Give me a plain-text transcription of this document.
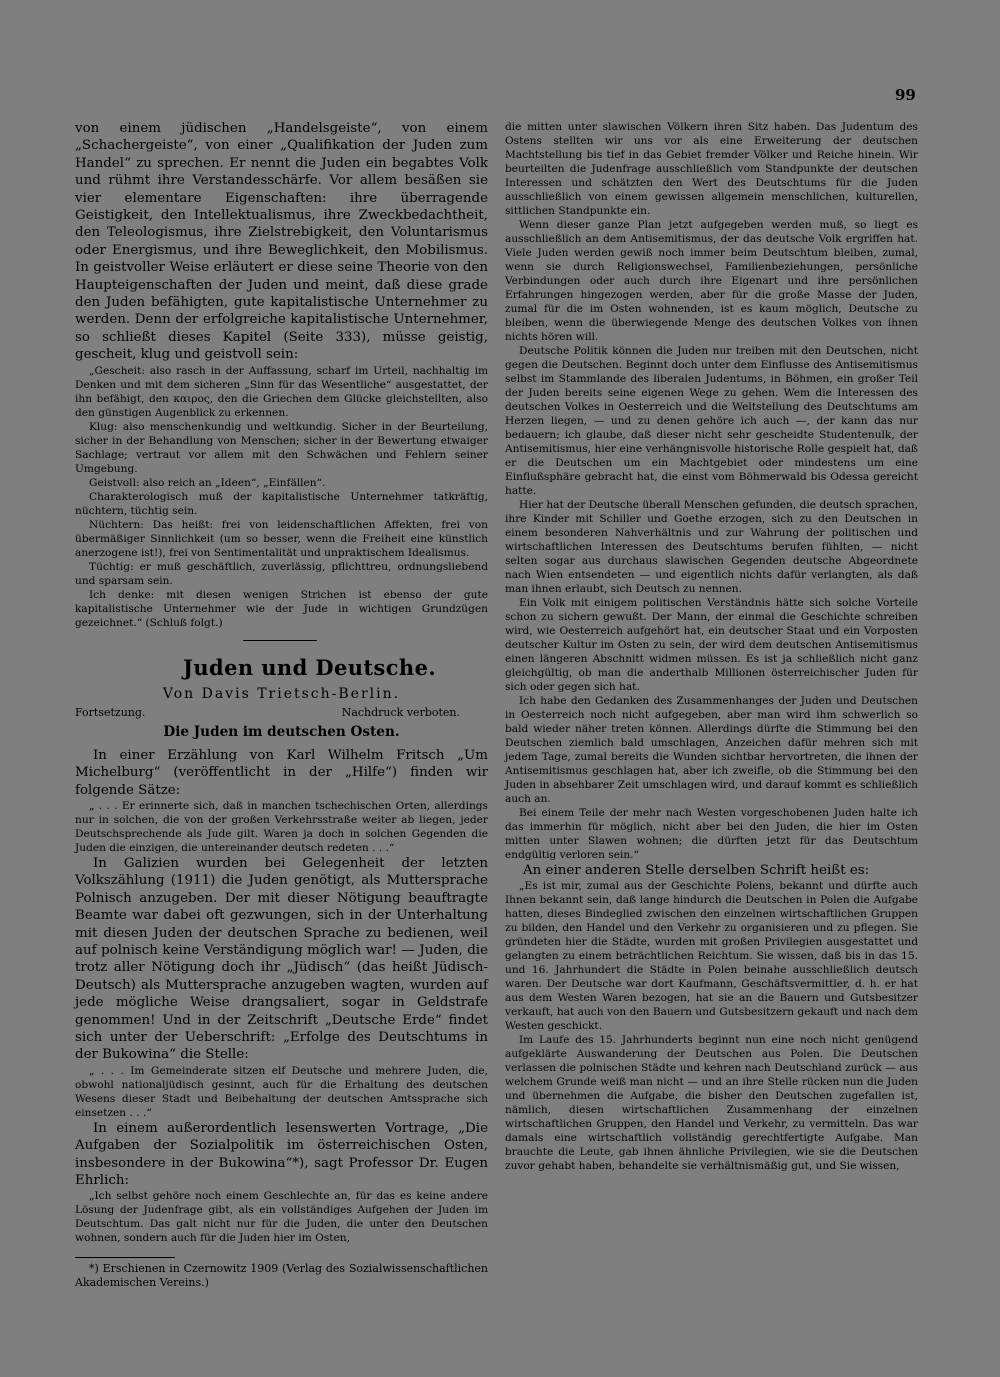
99

von einem jüdischen „Handelsgeiste“, von einem „Schachergeiste“, von einer „Qualifikation der Juden zum Handel“ zu sprechen. Er nennt die Juden ein begabtes Volk und rühmt ihre Verstandesschärfe. Vor allem besäßen sie vier elementare Eigenschaften: ihre überragende Geistigkeit, den Intellektualismus, ihre Zweckbedachtheit, den Teleologismus, ihre Zielstrebigkeit, den Voluntarismus oder Energismus, und ihre Beweglichkeit, den Mobilismus. In geistvoller Weise erläutert er diese seine Theorie von den Haupteigenschaften der Juden und meint, daß diese grade den Juden befähigten, gute kapitalistische Unternehmer zu werden. Denn der erfolgreiche kapitalistische Unternehmer, so schließt dieses Kapitel (Seite 333), müsse geistig, gescheit, klug und geistvoll sein:

„Gescheit: also rasch in der Auffassung, scharf im Urteil, nachhaltig im Denken und mit dem sicheren „Sinn für das Wesentliche“ ausgestattet, der ihn befähigt, den καιρος, den die Griechen dem Glücke gleichstellten, also den günstigen Augenblick zu erkennen.

Klug: also menschenkundig und weltkundig. Sicher in der Beurteilung, sicher in der Behandlung von Menschen; sicher in der Bewertung etwaiger Sachlage; vertraut vor allem mit den Schwächen und Fehlern seiner Umgebung.

Geistvoll: also reich an „Ideen“, „Einfällen“.

Charakterologisch muß der kapitalistische Unternehmer tatkräftig, nüchtern, tüchtig sein.

Nüchtern: Das heißt: frei von leidenschaftlichen Affekten, frei von übermäßiger Sinnlichkeit (um so besser, wenn die Freiheit eine künstlich anerzogene ist!), frei von Sentimentalität und unpraktischem Idealismus.

Tüchtig: er muß geschäftlich, zuverlässig, pflichttreu, ordnungsliebend und sparsam sein.

Ich denke: mit diesen wenigen Strichen ist ebenso der gute kapitalistische Unternehmer wie der Jude in wichtigen Grundzügen gezeichnet.“ (Schluß folgt.)

Juden und Deutsche.
Von Davis Trietsch-Berlin.
Fortsetzung.	Nachdruck verboten.
Die Juden im deutschen Osten.

In einer Erzählung von Karl Wilhelm Fritsch „Um Michelburg“ (veröffentlicht in der „Hilfe“) finden wir folgende Sätze:

„ . . . Er erinnerte sich, daß in manchen tschechischen Orten, allerdings nur in solchen, die von der großen Verkehrsstraße weiter ab liegen, jeder Deutschsprechende als Jude gilt. Waren ja doch in solchen Gegenden die Juden die einzigen, die untereinander deutsch redeten . . .“

In Galizien wurden bei Gelegenheit der letzten Volkszählung (1911) die Juden genötigt, als Muttersprache Polnisch anzugeben. Der mit dieser Nötigung beauftragte Beamte war dabei oft gezwungen, sich in der Unterhaltung mit diesen Juden der deutschen Sprache zu bedienen, weil auf polnisch keine Verständigung möglich war! — Juden, die trotz aller Nötigung doch ihr „Jüdisch“ (das heißt Jüdisch-Deutsch) als Muttersprache anzugeben wagten, wurden auf jede mögliche Weise drangsaliert, sogar in Geldstrafe genommen! Und in der Zeitschrift „Deutsche Erde“ findet sich unter der Ueberschrift: „Erfolge des Deutschtums in der Bukowina“ die Stelle:

„ . . . Im Gemeinderate sitzen elf Deutsche und mehrere Juden, die, obwohl nationaljüdisch gesinnt, auch für die Erhaltung des deutschen Wesens dieser Stadt und Beibehaltung der deutschen Amtssprache sich einsetzen . . .“

In einem außerordentlich lesenswerten Vortrage, „Die Aufgaben der Sozialpolitik im österreichischen Osten, insbesondere in der Bukowina“*), sagt Professor Dr. Eugen Ehrlich:

„Ich selbst gehöre noch einem Geschlechte an, für das es keine andere Lösung der Judenfrage gibt, als ein vollständiges Aufgehen der Juden im Deutschtum. Das galt nicht nur für die Juden, die unter den Deutschen wohnen, sondern auch für die Juden hier im Osten,

*) Erschienen in Czernowitz 1909 (Verlag des Sozialwissenschaftlichen Akademischen Vereins.)

die mitten unter slawischen Völkern ihren Sitz haben. Das Judentum des Ostens stellten wir uns vor als eine Erweiterung der deutschen Machtstellung bis tief in das Gebiet fremder Völker und Reiche hinein. Wir beurteilten die Judenfrage ausschließlich vom Standpunkte der deutschen Interessen und schätzten den Wert des Deutschtums für die Juden ausschließlich von einem gewissen allgemein menschlichen, kulturellen, sittlichen Standpunkte ein.

Wenn dieser ganze Plan jetzt aufgegeben werden muß, so liegt es ausschließlich an dem Antisemitismus, der das deutsche Volk ergriffen hat. Viele Juden werden gewiß noch immer beim Deutschtum bleiben, zumal, wenn sie durch Religionswechsel, Familienbeziehungen, persönliche Verbindungen oder auch durch ihre Eigenart und ihre persönlichen Erfahrungen hingezogen werden, aber für die große Masse der Juden, zumal für die im Osten wohnenden, ist es kaum möglich, Deutsche zu bleiben, wenn die überwiegende Menge des deutschen Volkes von ihnen nichts hören will.

Deutsche Politik können die Juden nur treiben mit den Deutschen, nicht gegen die Deutschen. Beginnt doch unter dem Einflusse des Antisemitismus selbst im Stammlande des liberalen Judentums, in Böhmen, ein großer Teil der Juden bereits seine eigenen Wege zu gehen. Wem die Interessen des deutschen Volkes in Oesterreich und die Weltstellung des Deutschtums am Herzen liegen, — und zu denen gehöre ich auch —, der kann das nur bedauern; ich glaube, daß dieser nicht sehr gescheidte Studentenulk, der Antisemitismus, hier eine verhängnisvolle historische Rolle gespielt hat, daß er die Deutschen um ein Machtgebiet oder mindestens um eine Einflußsphäre gebracht hat, die einst vom Böhmerwald bis Odessa gereicht hatte.

Hier hat der Deutsche überall Menschen gefunden, die deutsch sprachen, ihre Kinder mit Schiller und Goethe erzogen, sich zu den Deutschen in einem besonderen Nahverhältnis und zur Wahrung der politischen und wirtschaftlichen Interessen des Deutschtums berufen fühlten, — nicht selten sogar aus durchaus slawischen Gegenden deutsche Abgeordnete nach Wien entsendeten — und eigentlich nichts dafür verlangten, als daß man ihnen erlaubt, sich Deutsch zu nennen.

Ein Volk mit einigem politischen Verständnis hätte sich solche Vorteile schon zu sichern gewußt. Der Mann, der einmal die Geschichte schreiben wird, wie Oesterreich aufgehört hat, ein deutscher Staat und ein Vorposten deutscher Kultur im Osten zu sein, der wird dem deutschen Antisemitismus einen längeren Abschnitt widmen müssen. Es ist ja schließlich nicht ganz gleichgültig, ob man die anderthalb Millionen österreichischer Juden für sich oder gegen sich hat.

Ich habe den Gedanken des Zusammenhanges der Juden und Deutschen in Oesterreich noch nicht aufgegeben, aber man wird ihm schwerlich so bald wieder näher treten können. Allerdings dürfte die Stimmung bei den Deutschen ziemlich bald umschlagen, Anzeichen dafür mehren sich mit jedem Tage, zumal bereits die Wunden sichtbar hervortreten, die ihnen der Antisemitismus geschlagen hat, aber ich zweifle, ob die Stimmung bei den Juden in absehbarer Zeit umschlagen wird, und darauf kommt es schließlich auch an.

Bei einem Teile der mehr nach Westen vorgeschobenen Juden halte ich das immerhin für möglich, nicht aber bei den Juden, die hier im Osten mitten unter Slawen wohnen; die dürften jetzt für das Deutschtum endgültig verloren sein.“

An einer anderen Stelle derselben Schrift heißt es:

„Es ist mir, zumal aus der Geschichte Polens, bekannt und dürfte auch Ihnen bekannt sein, daß lange hindurch die Deutschen in Polen die Aufgabe hatten, dieses Bindeglied zwischen den einzelnen wirtschaftlichen Gruppen zu bilden, den Handel und den Verkehr zu organisieren und zu pflegen. Sie gründeten hier die Städte, wurden mit großen Privilegien ausgestattet und gelangten zu einem beträchtlichen Reichtum. Sie wissen, daß bis in das 15. und 16. Jahrhundert die Städte in Polen beinahe ausschließlich deutsch waren. Der Deutsche war dort Kaufmann, Geschäftsvermittler, d. h. er hat aus dem Westen Waren bezogen, hat sie an die Bauern und Gutsbesitzer verkauft, hat auch von den Bauern und Gutsbesitzern gekauft und nach dem Westen geschickt.

Im Laufe des 15. Jahrhunderts beginnt nun eine noch nicht genügend aufgeklärte Auswanderung der Deutschen aus Polen. Die Deutschen verlassen die polnischen Städte und kehren nach Deutschland zurück — aus welchem Grunde weiß man nicht — und an ihre Stelle rücken nun die Juden und übernehmen die Aufgabe, die bisher den Deutschen zugefallen ist, nämlich, diesen wirtschaftlichen Zusammenhang der einzelnen wirtschaftlichen Gruppen, den Handel und Verkehr, zu vermitteln. Das war damals eine wirtschaftlich vollständig gerechtfertigte Aufgabe. Man brauchte die Leute, gab ihnen ähnliche Privilegien, wie sie die Deutschen zuvor gehabt haben, behandelte sie verhältnismäßig gut, und Sie wissen,
